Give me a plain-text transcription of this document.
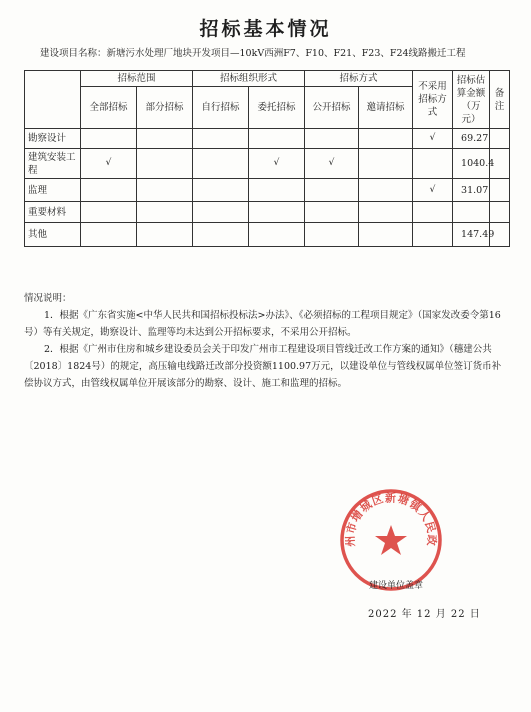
招标基本情况
建设项目名称：新塘污水处理厂地块开发项目—10kV西洲F7、F10、F21、F23、F24线路搬迁工程
	招标范围		招标组织形式		招标方式		不采用招标方式	招标估算金额（万元）	备注
	全部招标	部分招标	自行招标	委托招标	公开招标	邀请招标			
勘察设计							√	69.27	
建筑安装工程	√			√	√			1040.4	
监理							√	31.07	
重要材料									
其他								147.49	

情况说明：

1．根据《广东省实施<中华人民共和国招标投标法>办法》、《必须招标的工程项目规定》（国家发改委令第16号）等有关规定，勘察设计、监理等均未达到公开招标要求，不采用公开招标。

2．根据《广州市住房和城乡建设委员会关于印发广州市工程建设项目管线迁改工作方案的通知》（穗建公共〔2018〕1824号）的规定，高压输电线路迁改部分投资额1100.97万元，以建设单位与管线权属单位签订货币补偿协议方式，由管线权属单位开展该部分的勘察、设计、施工和监理的招标。

州市增城区新塘镇人民政
建设单位盖章
2022 年 12 月 22 日
